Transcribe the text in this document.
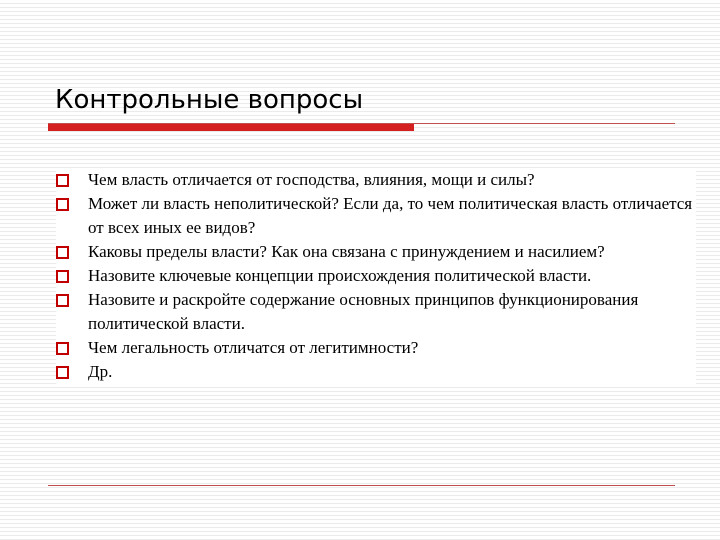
Контрольные вопросы
Чем власть отличается от господства, влияния, мощи и силы?
Может ли власть неполитической? Если да, то чем политическая власть отличается от всех иных ее видов?
Каковы пределы власти? Как она связана с принуждением и насилием?
Назовите ключевые концепции происхождения политической власти.
Назовите и раскройте содержание основных принципов функционирования политической власти.
Чем легальность отличатся от легитимности?
Др.
